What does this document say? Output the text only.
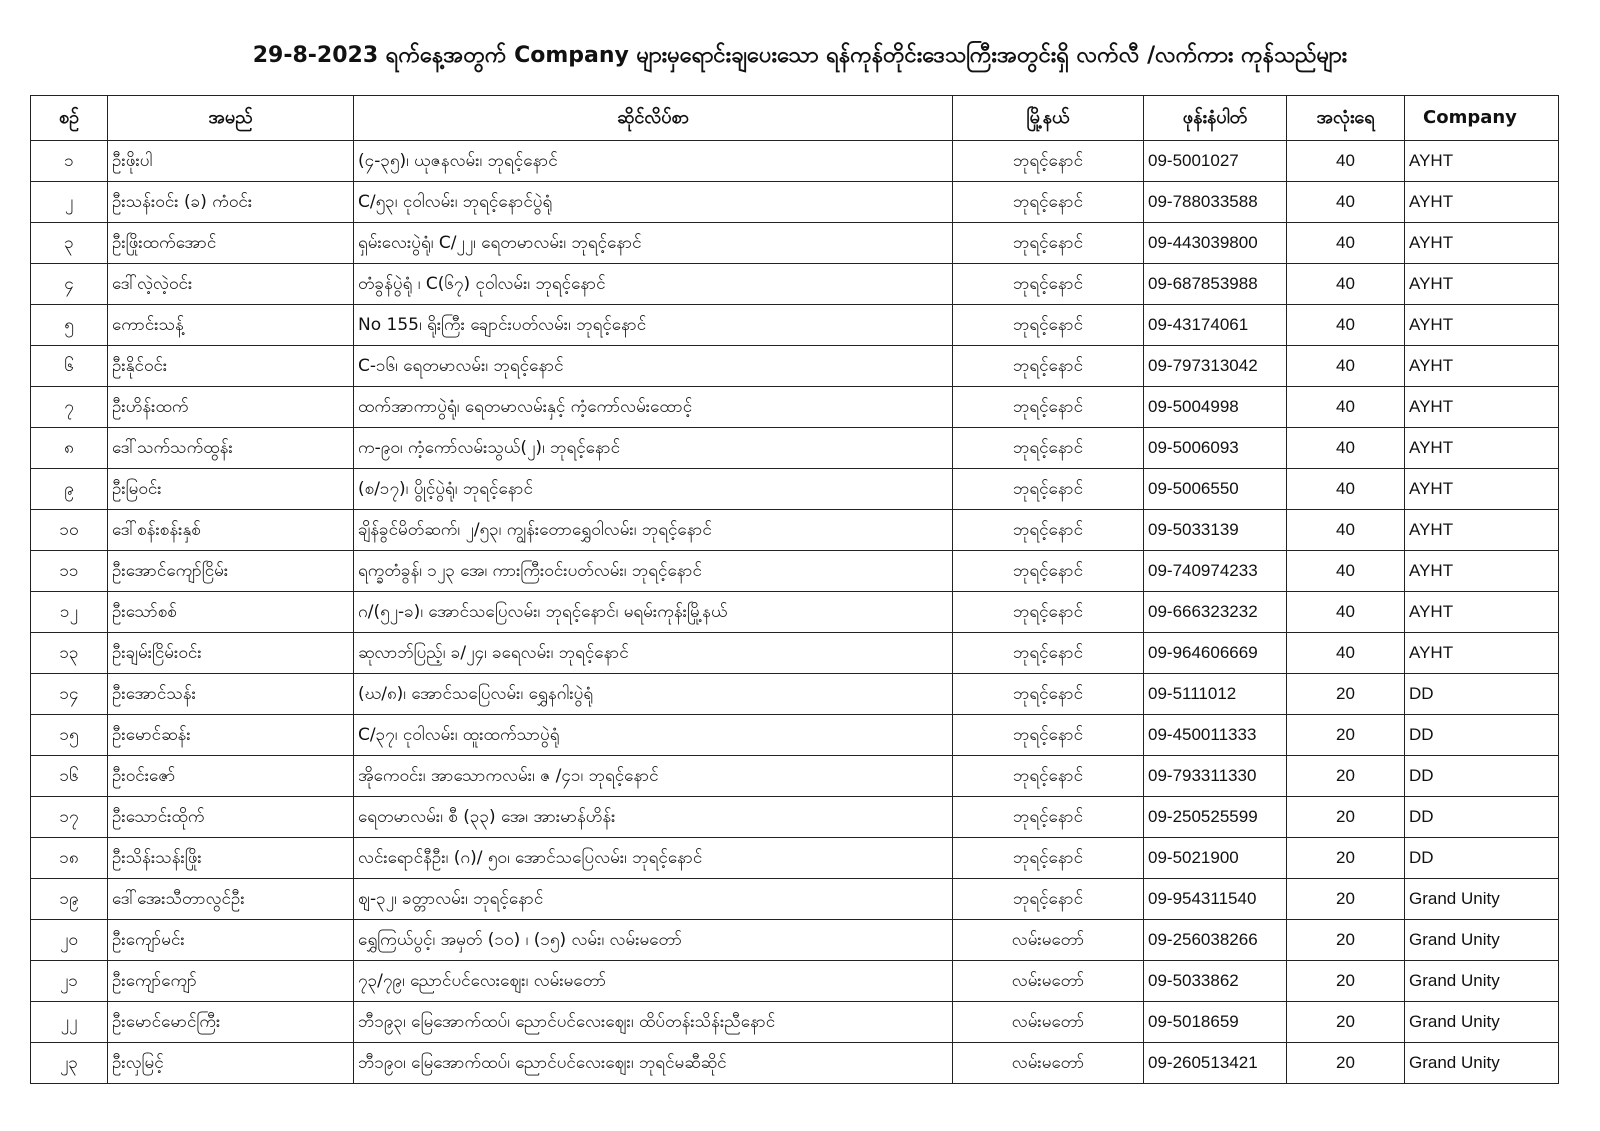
29-8-2023 ရက်နေ့အတွက် Company များမှရောင်းချပေးသော ရန်ကုန်တိုင်းဒေသကြီးအတွင်းရှိ လက်လီ /လက်ကား ကုန်သည်များ
စဥ်	အမည်	ဆိုင်လိပ်စာ	မြို့နယ်	ဖုန်းနံပါတ်	အလုံးရေ	Company
၁	ဦးဖိုးပါ	(၄-၃၅)၊ ယုဇနလမ်း၊ ဘုရင့်နောင်	ဘုရင့်နောင်	09-5001027	40	AYHT
၂	ဦးသန်းဝင်း (ခ) ကံဝင်း	C/၅၃၊ ငုဝါလမ်း၊ ဘုရင့်နောင်ပွဲရုံ	ဘုရင့်နောင်	09-788033588	40	AYHT
၃	ဦးဖြိုးထက်အောင်	ရှမ်းလေးပွဲရုံ၊ C/၂၂၊ ရေတမာလမ်း၊ ဘုရင့်နောင်	ဘုရင့်နောင်	09-443039800	40	AYHT
၄	ဒေါ်လဲ့လဲ့ဝင်း	တံခွန်ပွဲရုံ ၊ C(၆၇) ငုဝါလမ်း၊ ဘုရင့်နောင်	ဘုရင့်နောင်	09-687853988	40	AYHT
၅	ကောင်းသန့်	No 155၊ ရိုးကြီး ချောင်းပတ်လမ်း၊ ဘုရင့်နောင်	ဘုရင့်နောင်	09-43174061	40	AYHT
၆	ဦးနိုင်ဝင်း	C-၁၆၊ ရေတမာလမ်း၊ ဘုရင့်နောင်	ဘုရင့်နောင်	09-797313042	40	AYHT
၇	ဦးဟိန်းထက်	ထက်အာကာပွဲရုံ၊ ရေတမာလမ်းနှင့် ကံ့ကော်လမ်းထောင့်	ဘုရင့်နောင်	09-5004998	40	AYHT
၈	ဒေါ်သက်သက်ထွန်း	က-၉၀၊ ကံ့ကော်လမ်းသွယ်(၂)၊ ဘုရင့်နောင်	ဘုရင့်နောင်	09-5006093	40	AYHT
၉	ဦးမြဝင်း	(စ/၁၇)၊ ပွိုင့်ပွဲရုံ၊ ဘုရင့်နောင်	ဘုရင့်နောင်	09-5006550	40	AYHT
၁၀	ဒေါ်စန်းစန်းနှစ်	ချိန်ခွင်မိတ်ဆက်၊ ၂/၅၃၊ ကျွန်းတောရွှေဝါလမ်း၊ ဘုရင့်နောင်	ဘုရင့်နောင်	09-5033139	40	AYHT
၁၁	ဦးအောင်ကျော်ငြိမ်း	ရက္ခတံခွန်၊ ၁၂၃ အေ၊ ကားကြီးဝင်းပတ်လမ်း၊ ဘုရင့်နောင်	ဘုရင့်နောင်	09-740974233	40	AYHT
၁၂	ဦးသော်စစ်	ဂ/(၅၂-ခ)၊ အောင်သပြေလမ်း၊ ဘုရင့်နောင်၊ မရမ်းကုန်းမြို့နယ်	ဘုရင့်နောင်	09-666323232	40	AYHT
၁၃	ဦးချမ်းငြိမ်းဝင်း	ဆုလာဘ်ပြည့်၊ ခ/၂၄၊ ခရေလမ်း၊ ဘုရင့်နောင်	ဘုရင့်နောင်	09-964606669	40	AYHT
၁၄	ဦးအောင်သန်း	(ဃ/၈)၊ အောင်သပြေလမ်း၊ ရွှေနဂါးပွဲရုံ	ဘုရင့်နောင်	09-5111012	20	DD
၁၅	ဦးမောင်ဆန်း	C/၃၇၊ ငုဝါလမ်း၊ ထူးထက်သာပွဲရုံ	ဘုရင့်နောင်	09-450011333	20	DD
၁၆	ဦးဝင်းဇော်	အိုကေဝင်း၊ အာသောကလမ်း၊ ဇ /၄၁၊ ဘုရင့်နောင်	ဘုရင့်နောင်	09-793311330	20	DD
၁၇	ဦးသောင်းထိုက်	ရေတမာလမ်း၊ စီ (၃၃) အေ၊ အားမာန်ဟိန်း	ဘုရင့်နောင်	09-250525599	20	DD
၁၈	ဦးသိန်းသန်းဖြိုး	လင်းရောင်နီဦး၊ (ဂ)/ ၅၀၊ အောင်သပြေလမ်း၊ ဘုရင့်နောင်	ဘုရင့်နောင်	09-5021900	20	DD
၁၉	ဒေါ်အေးသီတာလွင်ဦး	ဈ-၃၂၊ ခတ္တာလမ်း၊ ဘုရင့်နောင်	ဘုရင့်နောင်	09-954311540	20	Grand Unity
၂၀	ဦးကျော်မင်း	ရွှေကြယ်ပွင့်၊ အမှတ် (၁၀) ၊ (၁၅) လမ်း၊ လမ်းမတော်	လမ်းမတော်	09-256038266	20	Grand Unity
၂၁	ဦးကျော်ကျော်	၇၃/၇၉၊ ညောင်ပင်လေးဈေး၊ လမ်းမတော်	လမ်းမတော်	09-5033862	20	Grand Unity
၂၂	ဦးမောင်မောင်ကြီး	ဘီ၁၉၃၊ မြေအောက်ထပ်၊ ညောင်ပင်လေးဈေး၊ ထိပ်တန်းသိန်းညီနောင်	လမ်းမတော်	09-5018659	20	Grand Unity
၂၃	ဦးလှမြင့်	ဘီ၁၉၀၊ မြေအောက်ထပ်၊ ညောင်ပင်လေးဈေး၊ ဘုရင်မဆီဆိုင်	လမ်းမတော်	09-260513421	20	Grand Unity
